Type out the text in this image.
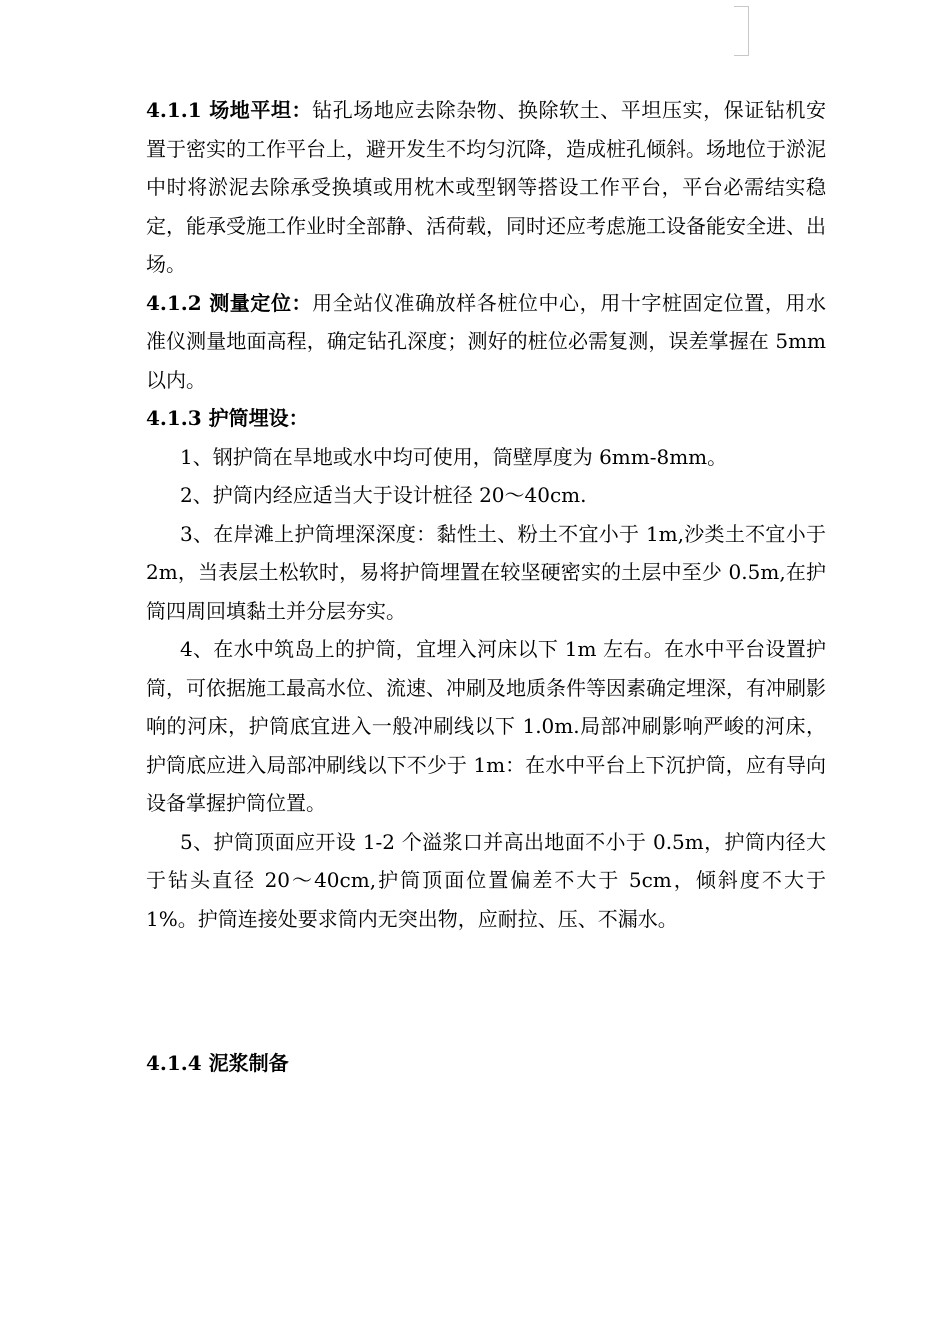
4.1.1 场地平坦：钻孔场地应去除杂物、换除软土、平坦压实，保证钻机安置于密实的工作平台上，避开发生不均匀沉降，造成桩孔倾斜。场地位于淤泥中时将淤泥去除承受换填或用枕木或型钢等搭设工作平台，平台必需结实稳定，能承受施工作业时全部静、活荷载，同时还应考虑施工设备能安全进、出场。

4.1.2 测量定位：用全站仪准确放样各桩位中心，用十字桩固定位置，用水准仪测量地面高程，确定钻孔深度；测好的桩位必需复测，误差掌握在 5mm 以内。

4.1.3 护筒埋设：

1、钢护筒在旱地或水中均可使用，筒壁厚度为 6mm-8mm。

2、护筒内经应适当大于设计桩径 20～40cm.

3、在岸滩上护筒埋深深度：黏性土、粉土不宜小于 1m,沙类土不宜小于 2m，当表层土松软时，易将护筒埋置在较坚硬密实的土层中至少 0.5m,在护筒四周回填黏土并分层夯实。

4、在水中筑岛上的护筒，宜埋入河床以下 1m 左右。在水中平台设置护筒，可依据施工最高水位、流速、冲刷及地质条件等因素确定埋深，有冲刷影响的河床，护筒底宜进入一般冲刷线以下 1.0m.局部冲刷影响严峻的河床，护筒底应进入局部冲刷线以下不少于 1m：在水中平台上下沉护筒，应有导向设备掌握护筒位置。

5、护筒顶面应开设 1-2 个溢浆口并高出地面不小于 0.5m，护筒内径大于钻头直径 20～40cm,护筒顶面位置偏差不大于 5cm，倾斜度不大于 1%。护筒连接处要求筒内无突出物，应耐拉、压、不漏水。

4.1.4 泥浆制备
